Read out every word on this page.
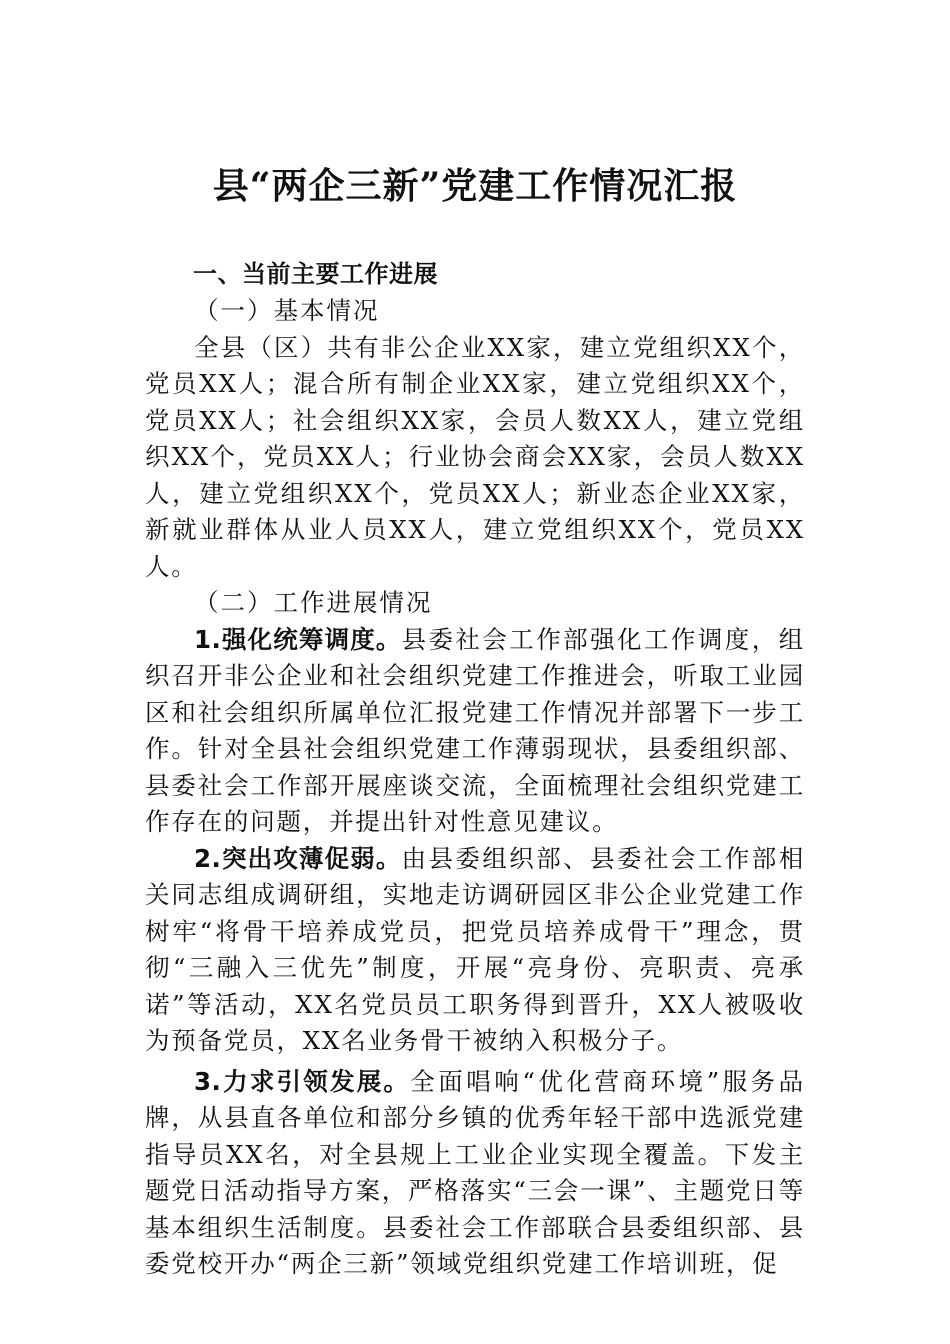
县“两企三新”党建工作情况汇报

一、当前主要工作进展

（一）基本情况

全县（区）共有非公企业XX家，建立党组织XX个，党员XX人；混合所有制企业XX家，建立党组织XX个，党员XX人；社会组织XX家，会员人数XX人，建立党组织XX个，党员XX人；行业协会商会XX家，会员人数XX人，建立党组织XX个，党员XX人；新业态企业XX家，新就业群体从业人员XX人，建立党组织XX个，党员XX人。

（二）工作进展情况

1.强化统筹调度。县委社会工作部强化工作调度，组织召开非公企业和社会组织党建工作推进会，听取工业园区和社会组织所属单位汇报党建工作情况并部署下一步工作。针对全县社会组织党建工作薄弱现状，县委组织部、县委社会工作部开展座谈交流，全面梳理社会组织党建工作存在的问题，并提出针对性意见建议。

2.突出攻薄促弱。由县委组织部、县委社会工作部相关同志组成调研组，实地走访调研园区非公企业党建工作树牢“将骨干培养成党员，把党员培养成骨干”理念，贯彻“三融入三优先”制度，开展“亮身份、亮职责、亮承诺”等活动，XX名党员员工职务得到晋升，XX人被吸收为预备党员，XX名业务骨干被纳入积极分子。

3.力求引领发展。全面唱响“优化营商环境”服务品牌，从县直各单位和部分乡镇的优秀年轻干部中选派党建指导员XX名，对全县规上工业企业实现全覆盖。下发主题党日活动指导方案，严格落实“三会一课”、主题党日等基本组织生活制度。县委社会工作部联合县委组织部、县委党校开办“两企三新”领域党组织党建工作培训班，促
